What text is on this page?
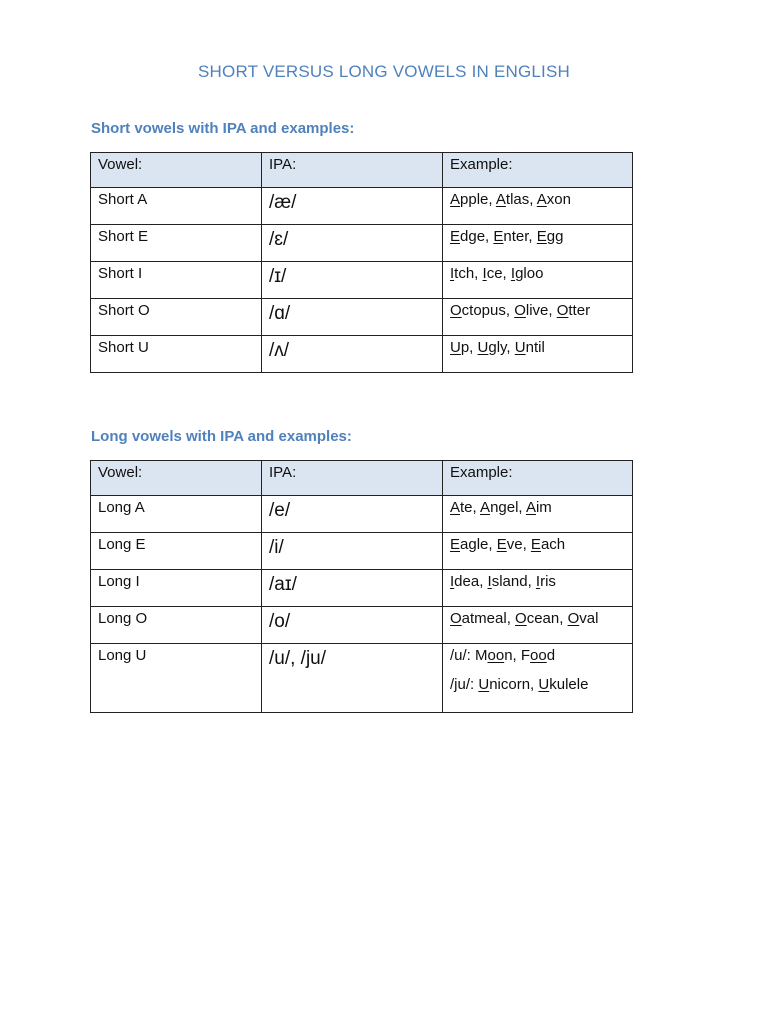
SHORT VERSUS LONG VOWELS IN ENGLISH
Short vowels with IPA and examples:
Vowel:	IPA:	Example:
Short A	/æ/	Apple, Atlas, Axon

Short E	/ɛ/	Edge, Enter, Egg

Short I	/ɪ/	Itch, Ice, Igloo

Short O	/ɑ/	Octopus, Olive, Otter

Short U	/ʌ/	Up, Ugly, Until
Long vowels with IPA and examples:
Vowel:	IPA:	Example:
Long A	/e/	Ate, Angel, Aim

Long E	/i/	Eagle, Eve, Each

Long I	/aɪ/	Idea, Island, Iris

Long O	/o/	Oatmeal, Ocean, Oval

Long U	/u/, /ju/	/u/: Moon, Food
/ju/: Unicorn, Ukulele
